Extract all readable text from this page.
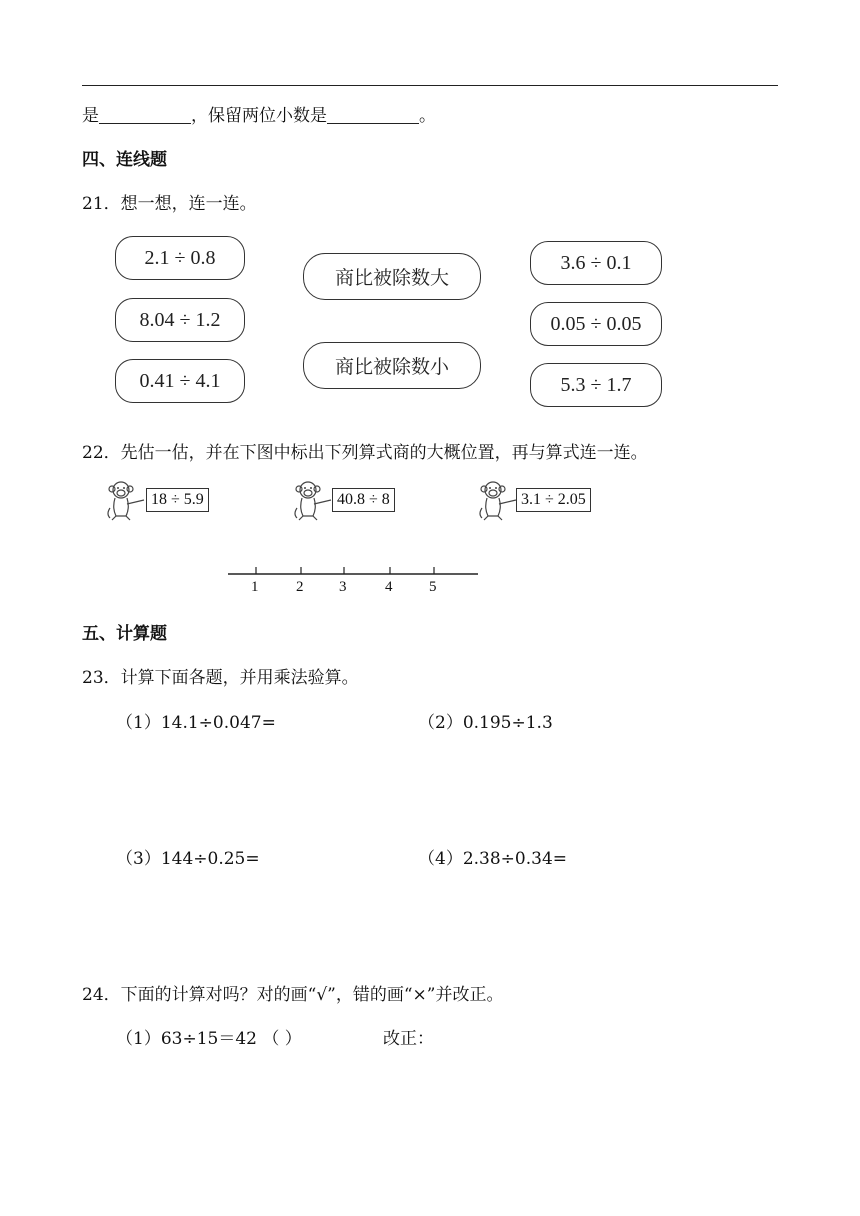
是	，保留两位小数是	。
四、连线题
21．想一想，连一连。
2.1 ÷ 0.8
8.04 ÷ 1.2
0.41 ÷ 4.1
商比被除数大
商比被除数小
3.6 ÷ 0.1
0.05 ÷ 0.05
5.3 ÷ 1.7
22．先估一估，并在下图中标出下列算式商的大概位置，再与算式连一连。
18 ÷ 5.9	40.8 ÷ 8	3.1 ÷ 2.05
1	2 3	4 5
五、计算题
23．计算下面各题，并用乘法验算。
（1）14.1÷0.047=	（2）0.195÷1.3
（3）144÷0.25=	（4）2.38÷0.34=
24．下面的计算对吗？对的画“√”，错的画“×”并改正。
（1）63÷15＝42 （ ）	改正：
